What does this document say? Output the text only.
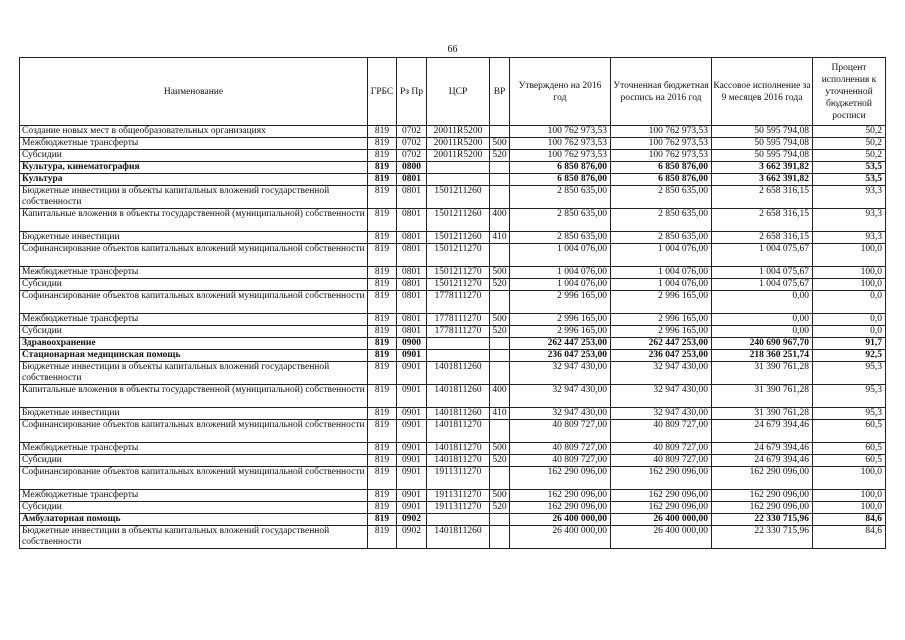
66
Наименование	ГРБС	Рз Пр	ЦСР	ВР	Утверждено на 2016 год	Уточненная бюджетная роспись на 2016 год	Кассовое исполнение за 9 месяцев 2016 года	Процент исполнения к уточненной бюджетной росписи
Создание новых мест в общеобразовательных организациях	819	0702	20011R5200		100 762 973,53	100 762 973,53	50 595 794,08	50,2
Межбюджетные трансферты	819	0702	20011R5200	500	100 762 973,53	100 762 973,53	50 595 794,08	50,2
Субсидии	819	0702	20011R5200	520	100 762 973,53	100 762 973,53	50 595 794,08	50,2
Культура, кинематография	819	0800			6 850 876,00	6 850 876,00	3 662 391,82	53,5
Культура	819	0801			6 850 876,00	6 850 876,00	3 662 391,82	53,5
Бюджетные инвестиции в объекты капитальных вложений государственной собственности	819	0801	1501211260		2 850 635,00	2 850 635,00	2 658 316,15	93,3
Капитальные вложения в объекты государственной (муниципальной) собственности	819	0801	1501211260	400	2 850 635,00	2 850 635,00	2 658 316,15	93,3
Бюджетные инвестиции	819	0801	1501211260	410	2 850 635,00	2 850 635,00	2 658 316,15	93,3
Софинансирование объектов капитальных вложений муниципальной собственности	819	0801	1501211270		1 004 076,00	1 004 076,00	1 004 075,67	100,0
Межбюджетные трансферты	819	0801	1501211270	500	1 004 076,00	1 004 076,00	1 004 075,67	100,0
Субсидии	819	0801	1501211270	520	1 004 076,00	1 004 076,00	1 004 075,67	100,0
Софинансирование объектов капитальных вложений муниципальной собственности	819	0801	1778111270		2 996 165,00	2 996 165,00	0,00	0,0
Межбюджетные трансферты	819	0801	1778111270	500	2 996 165,00	2 996 165,00	0,00	0,0
Субсидии	819	0801	1778111270	520	2 996 165,00	2 996 165,00	0,00	0,0
Здравоохранение	819	0900			262 447 253,00	262 447 253,00	240 690 967,70	91,7
Стационарная медицинская помощь	819	0901			236 047 253,00	236 047 253,00	218 360 251,74	92,5
Бюджетные инвестиции в объекты капитальных вложений государственной собственности	819	0901	1401811260		32 947 430,00	32 947 430,00	31 390 761,28	95,3
Капитальные вложения в объекты государственной (муниципальной) собственности	819	0901	1401811260	400	32 947 430,00	32 947 430,00	31 390 761,28	95,3
Бюджетные инвестиции	819	0901	1401811260	410	32 947 430,00	32 947 430,00	31 390 761,28	95,3
Софинансирование объектов капитальных вложений муниципальной собственности	819	0901	1401811270		40 809 727,00	40 809 727,00	24 679 394,46	60,5
Межбюджетные трансферты	819	0901	1401811270	500	40 809 727,00	40 809 727,00	24 679 394,46	60,5
Субсидии	819	0901	1401811270	520	40 809 727,00	40 809 727,00	24 679 394,46	60,5
Софинансирование объектов капитальных вложений муниципальной собственности	819	0901	1911311270		162 290 096,00	162 290 096,00	162 290 096,00	100,0
Межбюджетные трансферты	819	0901	1911311270	500	162 290 096,00	162 290 096,00	162 290 096,00	100,0
Субсидии	819	0901	1911311270	520	162 290 096,00	162 290 096,00	162 290 096,00	100,0
Амбулаторная помощь	819	0902			26 400 000,00	26 400 000,00	22 330 715,96	84,6
Бюджетные инвестиции в объекты капитальных вложений государственной собственности	819	0902	1401811260		26 400 000,00	26 400 000,00	22 330 715,96	84,6
